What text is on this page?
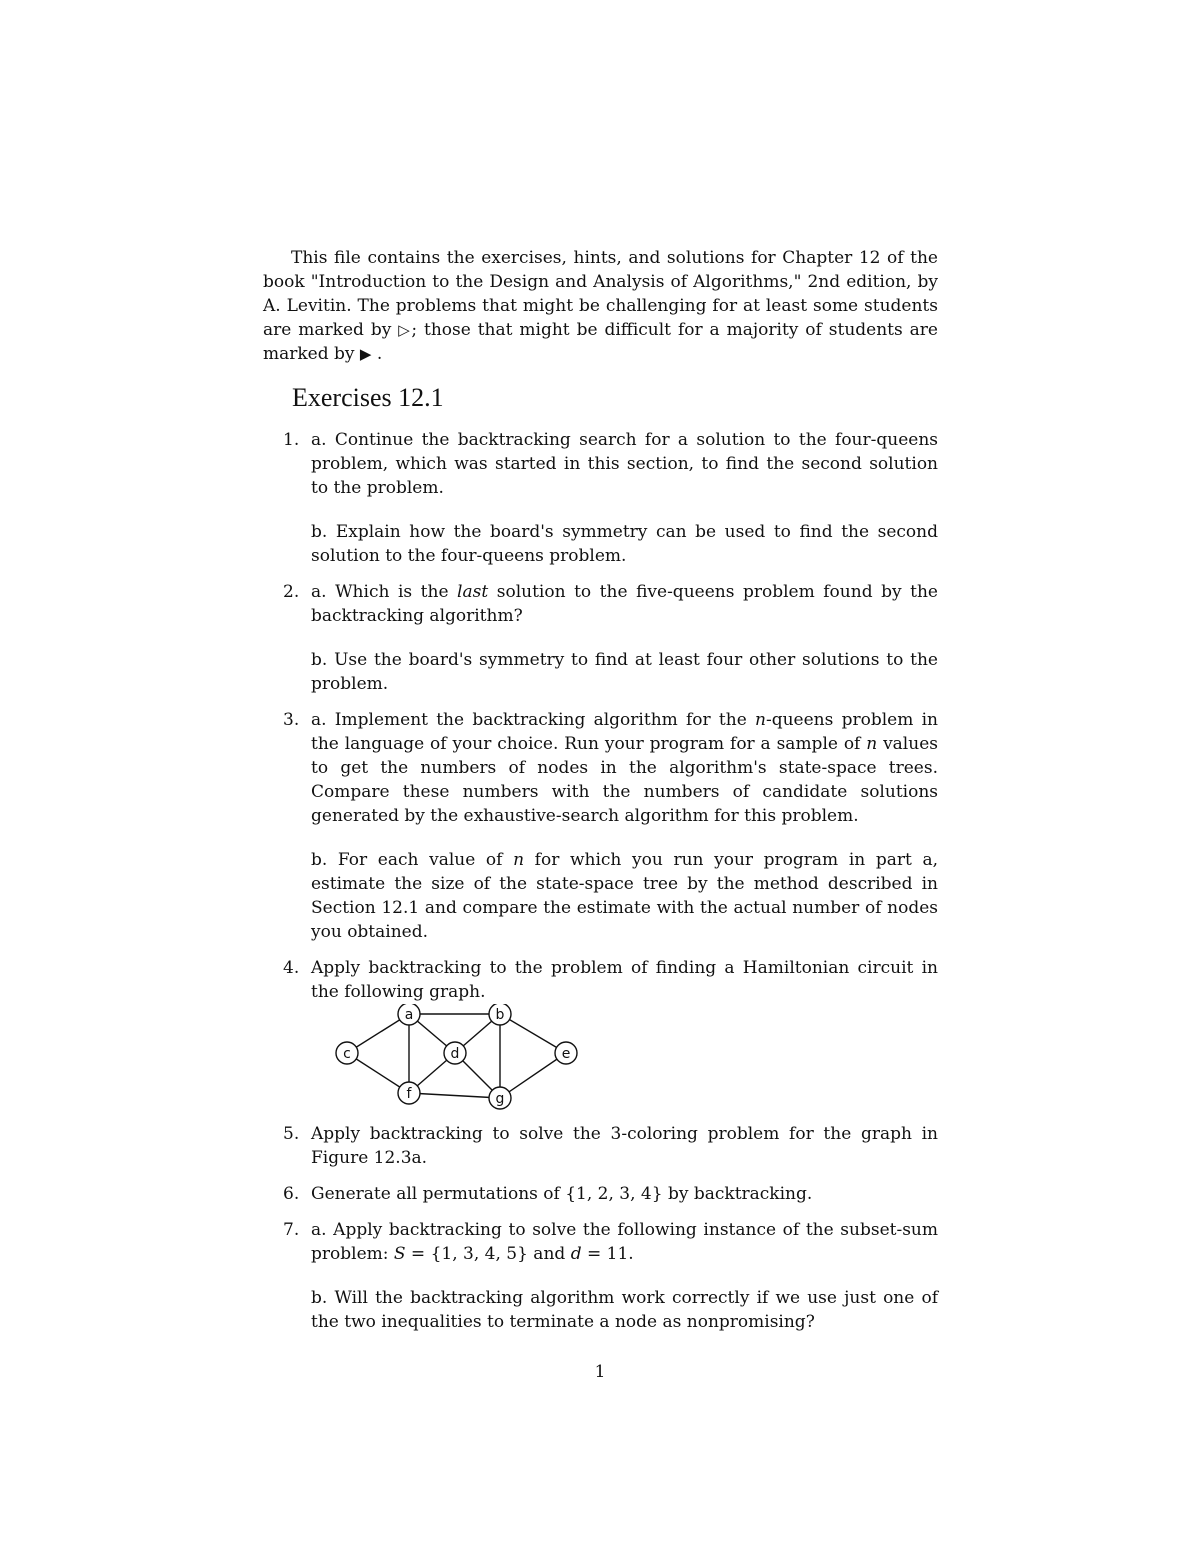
This file contains the exercises, hints, and solutions for Chapter 12 of the book "Introduction to the Design and Analysis of Algorithms," 2nd edition, by A. Levitin. The problems that might be challenging for at least some students are marked by ▷; those that might be difficult for a majority of students are marked by ▶ .

Exercises 12.1
1. a. Continue the backtracking search for a solution to the four-queens problem, which was started in this section, to find the second solution to the problem.

b. Explain how the board's symmetry can be used to find the second solution to the four-queens problem.

2. a. Which is the last solution to the five-queens problem found by the backtracking algorithm?

b. Use the board's symmetry to find at least four other solutions to the problem.

3. a. Implement the backtracking algorithm for the n-queens problem in the language of your choice. Run your program for a sample of n values to get the numbers of nodes in the algorithm's state-space trees. Compare these numbers with the numbers of candidate solutions generated by the exhaustive-search algorithm for this problem.

b. For each value of n for which you run your program in part a, estimate the size of the state-space tree by the method described in Section 12.1 and compare the estimate with the actual number of nodes you obtained.

4. Apply backtracking to the problem of finding a Hamiltonian circuit in the following graph.

a	b
c	d	e
f	g
5. Apply backtracking to solve the 3-coloring problem for the graph in Figure 12.3a.

6. Generate all permutations of {1, 2, 3, 4} by backtracking.

7. a. Apply backtracking to solve the following instance of the subset-sum problem: S = {1, 3, 4, 5} and d = 11.

b. Will the backtracking algorithm work correctly if we use just one of the two inequalities to terminate a node as nonpromising?

1
